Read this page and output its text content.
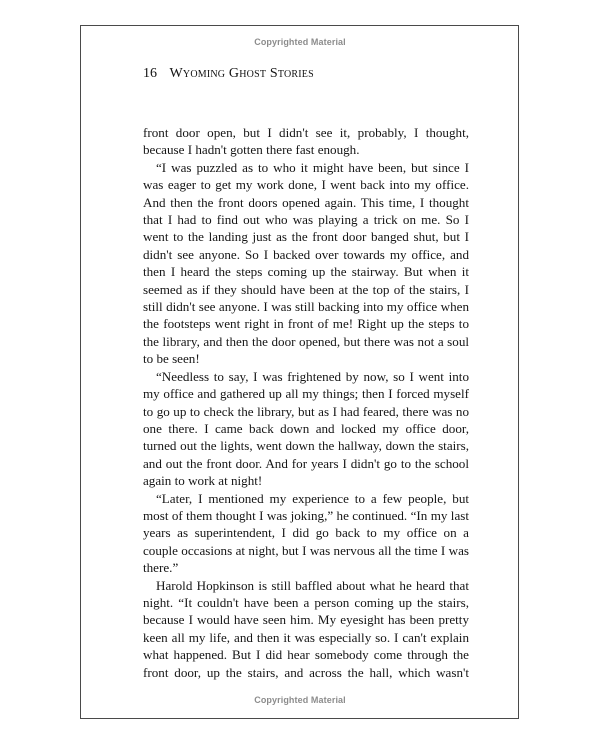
Copyrighted Material
16 Wyoming Ghost Stories

front door open, but I didn't see it, probably, I thought, because I hadn't gotten there fast enough.

“I was puzzled as to who it might have been, but since I was eager to get my work done, I went back into my office. And then the front doors opened again. This time, I thought that I had to find out who was playing a trick on me. So I went to the landing just as the front door banged shut, but I didn't see anyone. So I backed over towards my office, and then I heard the steps coming up the stairway. But when it seemed as if they should have been at the top of the stairs, I still didn't see anyone. I was still backing into my office when the footsteps went right in front of me! Right up the steps to the library, and then the door opened, but there was not a soul to be seen!

“Needless to say, I was frightened by now, so I went into my office and gathered up all my things; then I forced myself to go up to check the library, but as I had feared, there was no one there. I came back down and locked my office door, turned out the lights, went down the hallway, down the stairs, and out the front door. And for years I didn't go to the school again to work at night!

“Later, I mentioned my experience to a few people, but most of them thought I was joking,” he continued. “In my last years as superintendent, I did go back to my office on a couple occasions at night, but I was nervous all the time I was there.”

Harold Hopkinson is still baffled about what he heard that night. “It couldn't have been a person coming up the stairs, because I would have seen him. My eyesight has been pretty keen all my life, and then it was especially so. I can't explain what happened. But I did hear somebody come through the front door, up the stairs, and across the hall, which wasn't

Copyrighted Material
